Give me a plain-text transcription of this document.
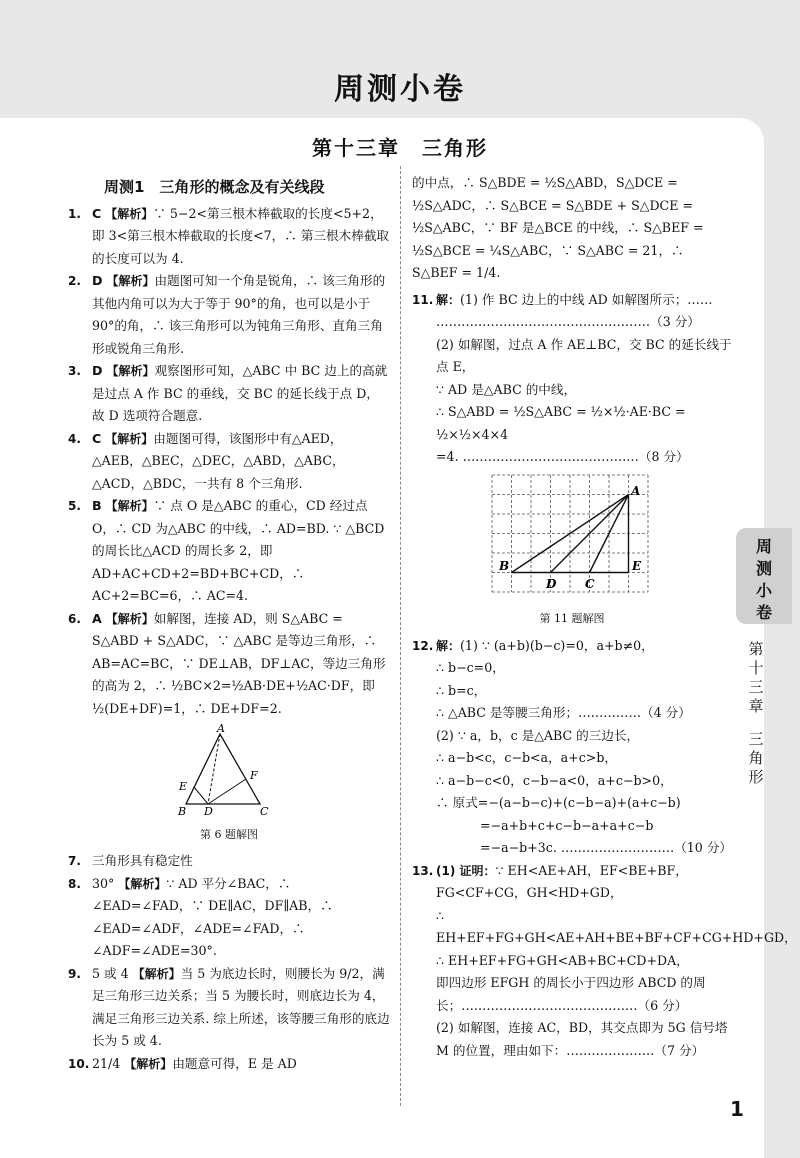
周测小卷
第十三章　三角形
周测1　三角形的概念及有关线段
1. C 【解析】∵ 5−2<第三根木棒截取的长度<5+2，即 3<第三根木棒截取的长度<7，∴ 第三根木棒截取的长度可以为 4.
2. D 【解析】由题图可知一个角是锐角，∴ 该三角形的其他内角可以为大于等于 90°的角，也可以是小于 90°的角，∴ 该三角形可以为钝角三角形、直角三角形或锐角三角形.
3. D 【解析】观察图形可知，△ABC 中 BC 边上的高就是过点 A 作 BC 的垂线，交 BC 的延长线于点 D，故 D 选项符合题意.
4. C 【解析】由题图可得，该图形中有△AED，△AEB，△BEC，△DEC，△ABD，△ABC，△ACD，△BDC，一共有 8 个三角形.
5. B 【解析】∵ 点 O 是△ABC 的重心，CD 经过点 O，∴ CD 为△ABC 的中线，∴ AD=BD. ∵ △BCD 的周长比△ACD 的周长多 2，即 AD+AC+CD+2=BD+BC+CD，∴ AC+2=BC=6，∴ AC=4.
6. A 【解析】如解图，连接 AD，则 S△ABC = S△ABD + S△ADC，∵ △ABC 是等边三角形，∴ AB=AC=BC，∵ DE⊥AB，DF⊥AC，等边三角形的高为 2，∴ ½BC×2=½AB·DE+½AC·DF，即½(DE+DF)=1，∴ DE+DF=2.
A
E
F
B D	C
第 6 题解图
7. 三角形具有稳定性
8. 30° 【解析】∵ AD 平分∠BAC，∴ ∠EAD=∠FAD，∵ DE∥AC，DF∥AB，∴ ∠EAD=∠ADF，∠ADE=∠FAD，∴ ∠ADF=∠ADE=30°.
9. 5 或 4 【解析】当 5 为底边长时，则腰长为 9/2，满足三角形三边关系；当 5 为腰长时，则底边长为 4，满足三角形三边关系. 综上所述，该等腰三角形的底边长为 5 或 4.
10. 21/4 【解析】由题意可得，E 是 AD
的中点，∴ S△BDE = ½S△ABD，S△DCE = ½S△ADC，∴ S△BCE = S△BDE + S△DCE = ½S△ABC，∵ BF 是△BCE 的中线，∴ S△BEF = ½S△BCE = ¼S△ABC，∵ S△ABC = 21，∴ S△BEF = 1/4.
11. 解：(1) 作 BC 边上的中线 AD 如解图所示；……
……………………………………………（3 分）
(2) 如解图，过点 A 作 AE⊥BC，交 BC 的延长线于点 E，
∵ AD 是△ABC 的中线，
∴ S△ABD = ½S△ABC = ½×½·AE·BC = ½×½×4×4
=4. ……………………………………（8 分）
A
B
D C
E
第 11 题解图
12. 解：(1) ∵ (a+b)(b−c)=0，a+b≠0，
∴ b−c=0，
∴ b=c，
∴ △ABC 是等腰三角形；……………（4 分）
(2) ∵ a，b，c 是△ABC 的三边长，
∴ a−b<c，c−b<a，a+c>b，
∴ a−b−c<0，c−b−a<0，a+c−b>0，
∴ 原式=−(a−b−c)+(c−b−a)+(a+c−b)
=−a+b+c+c−b−a+a+c−b
=−a−b+3c. ………………………（10 分）
13. (1) 证明：∵ EH<AE+AH，EF<BE+BF，FG<CF+CG，GH<HD+GD，
∴ EH+EF+FG+GH<AE+AH+BE+BF+CF+CG+HD+GD，
∴ EH+EF+FG+GH<AB+BC+CD+DA，
即四边形 EFGH 的周长小于四边形 ABCD 的周长；……………………………………（6 分）
(2) 如解图，连接 AC，BD，其交点即为 5G 信号塔 M 的位置，理由如下：…………………（7 分）
周
测
小
卷
第
十
三
章
三
角
形
1
